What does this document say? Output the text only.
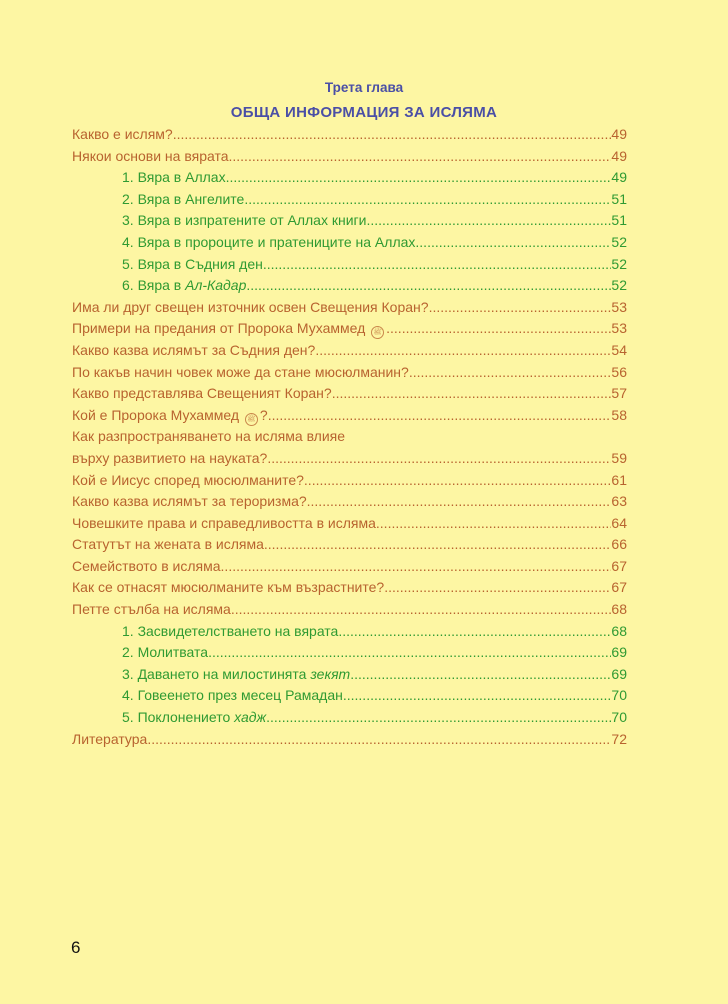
Трета глава
ОБЩА ИНФОРМАЦИЯ ЗА ИСЛЯМА
Какво е ислям? .....	49
Някои основи на вярата .....	49
1. Вяра в Аллах .....	49
2. Вяра в Ангелите .....	51
3. Вяра в изпратените от Аллах книги .....	51
4. Вяра в пророците и пратениците на Аллах .....	52
5. Вяра в Съдния ден .....	52
6. Вяра в Ал-Кадар .....	52
Има ли друг свещен източник освен Свещения Коран? .....	53
Примери на предания от Пророка Мухаммед ﷺ .....	53
Какво казва ислямът за Съдния ден? .....	54
По какъв начин човек може да стане мюсюлманин? .....	56
Какво представлява Свещеният Коран? .....	57
Кой е Пророка Мухаммед ﷺ ? .....	58
Как разпространяването на исляма влияе
върху развитието на науката? .....	59
Кой е Иисус според мюсюлманите? .....	61
Какво казва ислямът за тероризма? .....	63
Човешките права и справедливостта в исляма .....	64
Статутът на жената в исляма .....	66
Семейството в исляма .....	67
Как се отнасят мюсюлманите към възрастните? .....	67
Петте стълба на исляма .....	68
1. Засвидетелстването на вярата .....	68
2. Молитвата .....	69
3. Даването на милостинята зекят .....	69
4. Говеенето през месец Рамадан .....	70
5. Поклонението хадж .....	70
Литература .....	72
6
